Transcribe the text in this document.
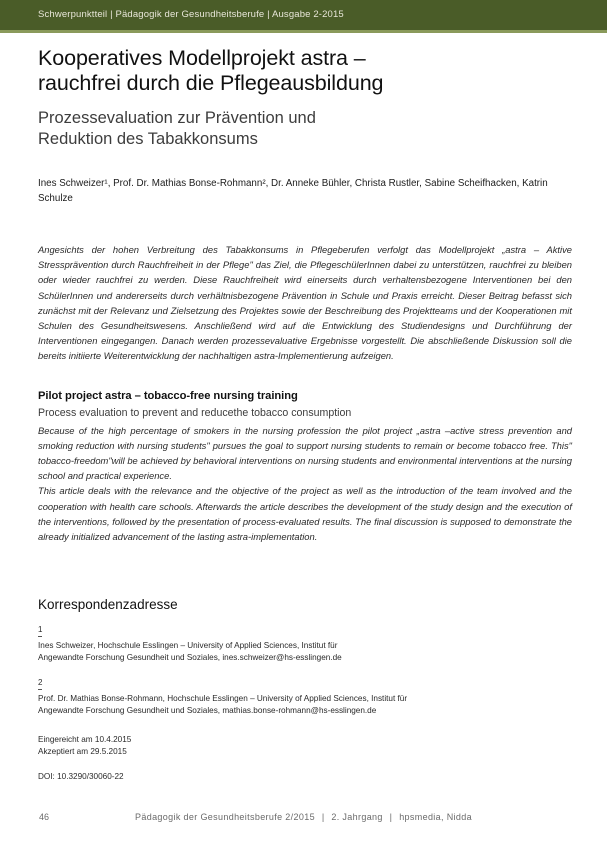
Schwerpunktteil | Pädagogik der Gesundheitsberufe | Ausgabe 2-2015
Kooperatives Modellprojekt astra –
rauchfrei durch die Pflegeausbildung
Prozessevaluation zur Prävention und
Reduktion des Tabakkonsums
Ines Schweizer¹, Prof. Dr. Mathias Bonse-Rohmann², Dr. Anneke Bühler, Christa Rustler, Sabine Scheifhacken, Katrin Schulze
Angesichts der hohen Verbreitung des Tabakkonsums in Pflegeberufen verfolgt das Modellprojekt „astra – Aktive Stressprävention durch Rauchfreiheit in der Pflege" das Ziel, die PflegeschülerInnen dabei zu unterstützen, rauchfrei zu bleiben oder wieder rauchfrei zu werden. Diese Rauchfreiheit wird einerseits durch verhaltensbezogene Interventionen bei den SchülerInnen und andererseits durch verhältnisbezogene Prävention in Schule und Praxis erreicht. Dieser Beitrag befasst sich zunächst mit der Relevanz und Zielsetzung des Projektes sowie der Beschreibung des Projektteams und der Kooperationen mit Schulen des Gesundheitswesens. Anschließend wird auf die Entwicklung des Studiendesigns und Durchführung der Interventionen eingegangen. Danach werden prozessevaluative Ergebnisse vorgestellt. Die abschließende Diskussion soll die bereits initiierte Weiterentwicklung der nachhaltigen astra-Implementierung aufzeigen.
Pilot project astra – tobacco-free nursing training
Process evaluation to prevent and reducethe tobacco consumption

Because of the high percentage of smokers in the nursing profession the pilot project „astra –active stress prevention and smoking reduction with nursing students" pursues the goal to support nursing students to remain or become tobacco free. This" tobacco-freedom"will be achieved by behavioral interventions on nursing students and environmental interventions at the nursing school and practical experience.

This article deals with the relevance and the objective of the project as well as the introduction of the team involved and the cooperation with health care schools. Afterwards the article describes the development of the study design and the execution of the interventions, followed by the presentation of process-evaluated results. The final discussion is supposed to demonstrate the already initialized advancement of the lasting astra-implementation.

Korrespondenzadresse
1
Ines Schweizer, Hochschule Esslingen – University of Applied Sciences, Institut für
Angewandte Forschung Gesundheit und Soziales, ines.schweizer@hs-esslingen.de
2
Prof. Dr. Mathias Bonse-Rohmann, Hochschule Esslingen – University of Applied Sciences, Institut für
Angewandte Forschung Gesundheit und Soziales, mathias.bonse-rohmann@hs-esslingen.de
Eingereicht am 10.4.2015
Akzeptiert am 29.5.2015
DOI: 10.3290/30060-22
46	Pädagogik der Gesundheitsberufe 2/2015 | 2. Jahrgang | hpsmedia, Nidda
